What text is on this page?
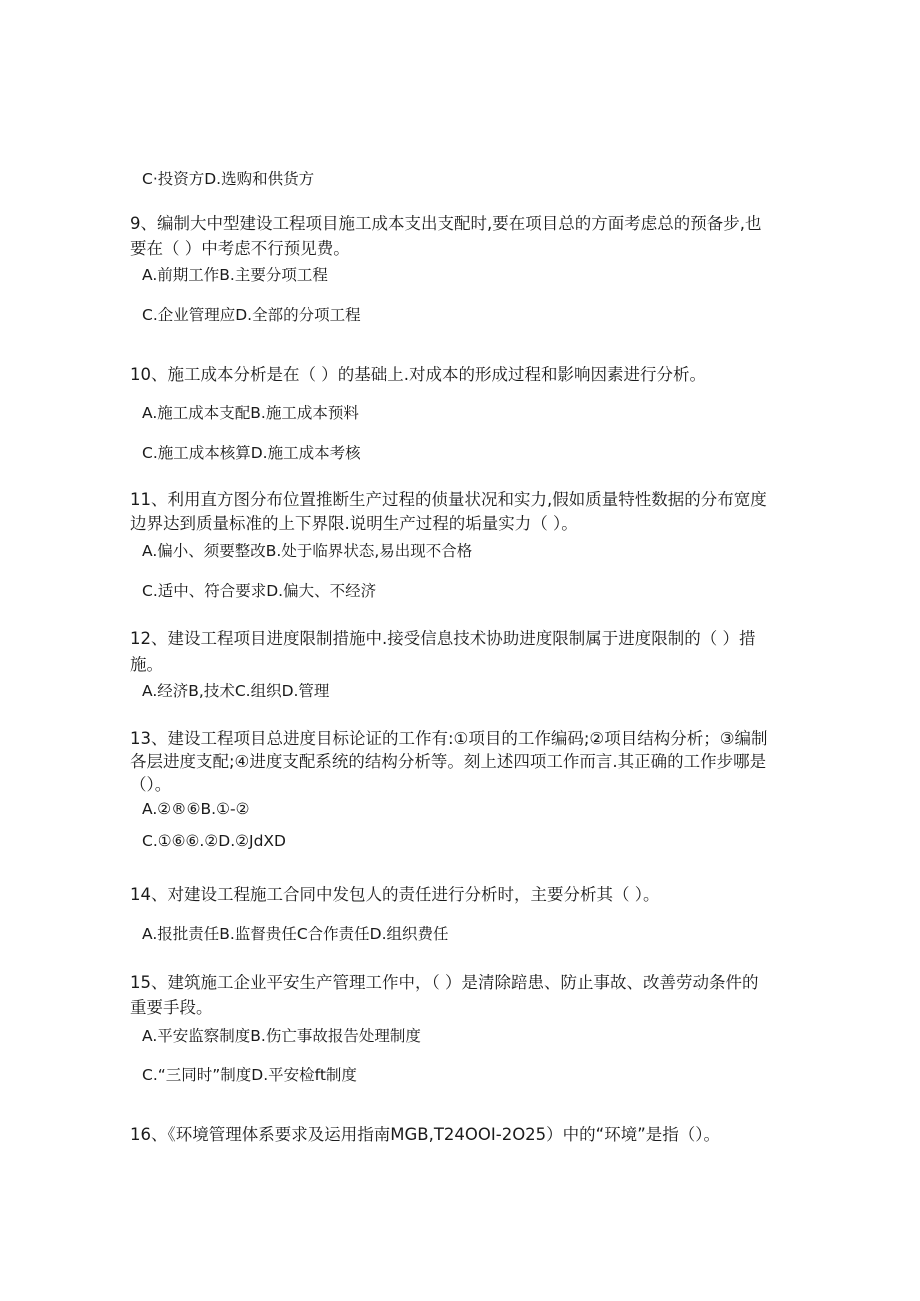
C·投资方D.选购和供货方
9、编制大中型建设工程项目施工成本支出支配时,要在项目总的方面考虑总的预备步,也
要在（ ）中考虑不行预见费。
A.前期工作B.主要分项工程
C.企业管理应D.全部的分项工程
10、施工成本分析是在（ ）的基础上.对成本的形成过程和影响因素进行分析。
A.施工成本支配B.施工成本预料
C.施工成本核算D.施工成本考核
11、利用直方图分布位置推断生产过程的侦量状况和实力,假如质量特性数据的分布宽度
边界达到质量标准的上下界限.说明生产过程的垢量实力（ ）。
A.偏小、须要整改B.处于临界状态,易出现不合格
C.适中、符合要求D.偏大、不经济
12、建设工程项目进度限制措施中.接受信息技术协助进度限制属于进度限制的（ ）措
施。
A.经济B,技术C.组织D.管理
13、建设工程项目总进度目标论证的工作有:①项目的工作编码;②项目结构分析；③编制
各层进度支配;④进度支配系统的结构分析等。刻上述四项工作而言.其正确的工作步哪是
（）。
A.②®⑥B.①-②
C.①⑥⑥.②D.②JdXD
14、对建设工程施工合同中发包人的责任进行分析时，主要分析其（ ）。
A.报批责任B.监督贵任C合作责任D.组织费任
15、建筑施工企业平安生产管理工作中，（ ）是清除踣患、防止事故、改善劳动条件的
重要手段。
A.平安监察制度B.伤亡事故报告处理制度
C.“三同时”制度D.平安检ft制度
16、《环境管理体系要求及运用指南MGB,T24OOI-2O25）中的“环境”是指（）。
